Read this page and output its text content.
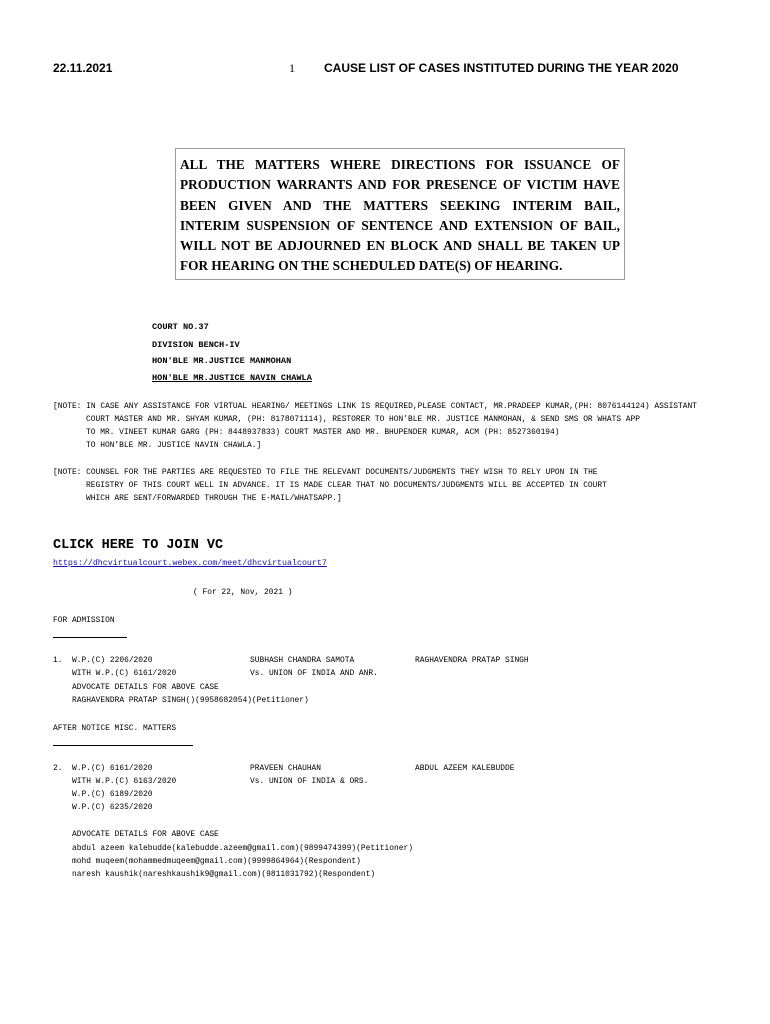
22.11.2021	1 CAUSE LIST OF CASES INSTITUTED DURING THE YEAR 2020
ALL THE MATTERS WHERE DIRECTIONS FOR ISSUANCE OF PRODUCTION WARRANTS AND FOR PRESENCE OF VICTIM HAVE BEEN GIVEN AND THE MATTERS SEEKING INTERIM BAIL, INTERIM SUSPENSION OF SENTENCE AND EXTENSION OF BAIL, WILL NOT BE ADJOURNED EN BLOCK AND SHALL BE TAKEN UP FOR HEARING ON THE SCHEDULED DATE(S) OF HEARING.
COURT NO.37
DIVISION BENCH-IV
HON'BLE MR.JUSTICE MANMOHAN
HON'BLE MR.JUSTICE NAVIN CHAWLA
[NOTE: IN CASE ANY ASSISTANCE FOR VIRTUAL HEARING/ MEETINGS LINK IS REQUIRED,PLEASE CONTACT, MR.PRADEEP KUMAR,(PH: 8076144124) ASSISTANT
COURT MASTER AND MR. SHYAM KUMAR, (PH: 8178071114), RESTORER TO HON’BLE MR. JUSTICE MANMOHAN, & SEND SMS OR WHATS APP
TO MR. VINEET KUMAR GARG (PH: 8448937833) COURT MASTER AND MR. BHUPENDER KUMAR, ACM (PH: 8527360194)
TO HON’BLE MR. JUSTICE NAVIN CHAWLA.]
[NOTE: COUNSEL FOR THE PARTIES ARE REQUESTED TO FILE THE RELEVANT DOCUMENTS/JUDGMENTS THEY WISH TO RELY UPON IN THE
REGISTRY OF THIS COURT WELL IN ADVANCE. IT IS MADE CLEAR THAT NO DOCUMENTS/JUDGMENTS WILL BE ACCEPTED IN COURT
WHICH ARE SENT/FORWARDED THROUGH THE E-MAIL/WHATSAPP.]
CLICK HERE TO JOIN VC
https://dhcvirtualcourt.webex.com/meet/dhcvirtualcourt7
( For 22, Nov, 2021 )
FOR ADMISSION
1. W.P.(C) 2206/2020
WITH W.P.(C) 6161/2020
SUBHASH CHANDRA SAMOTA
Vs. UNION OF INDIA AND ANR.
RAGHAVENDRA PRATAP SINGH
ADVOCATE DETAILS FOR ABOVE CASE
RAGHAVENDRA PRATAP SINGH()(9958682054)(Petitioner)
AFTER NOTICE MISC. MATTERS
2. W.P.(C) 6161/2020
WITH W.P.(C) 6163/2020
W.P.(C) 6189/2020
W.P.(C) 6235/2020
PRAVEEN CHAUHAN
Vs. UNION OF INDIA & ORS.
ABDUL AZEEM KALEBUDDE
ADVOCATE DETAILS FOR ABOVE CASE
abdul azeem kalebudde(kalebudde.azeem@gmail.com)(9899474399)(Petitioner)
mohd muqeem(mohammedmuqeem@gmail.com)(9999864964)(Respondent)
naresh kaushik(nareshkaushik9@gmail.com)(9811031792)(Respondent)
